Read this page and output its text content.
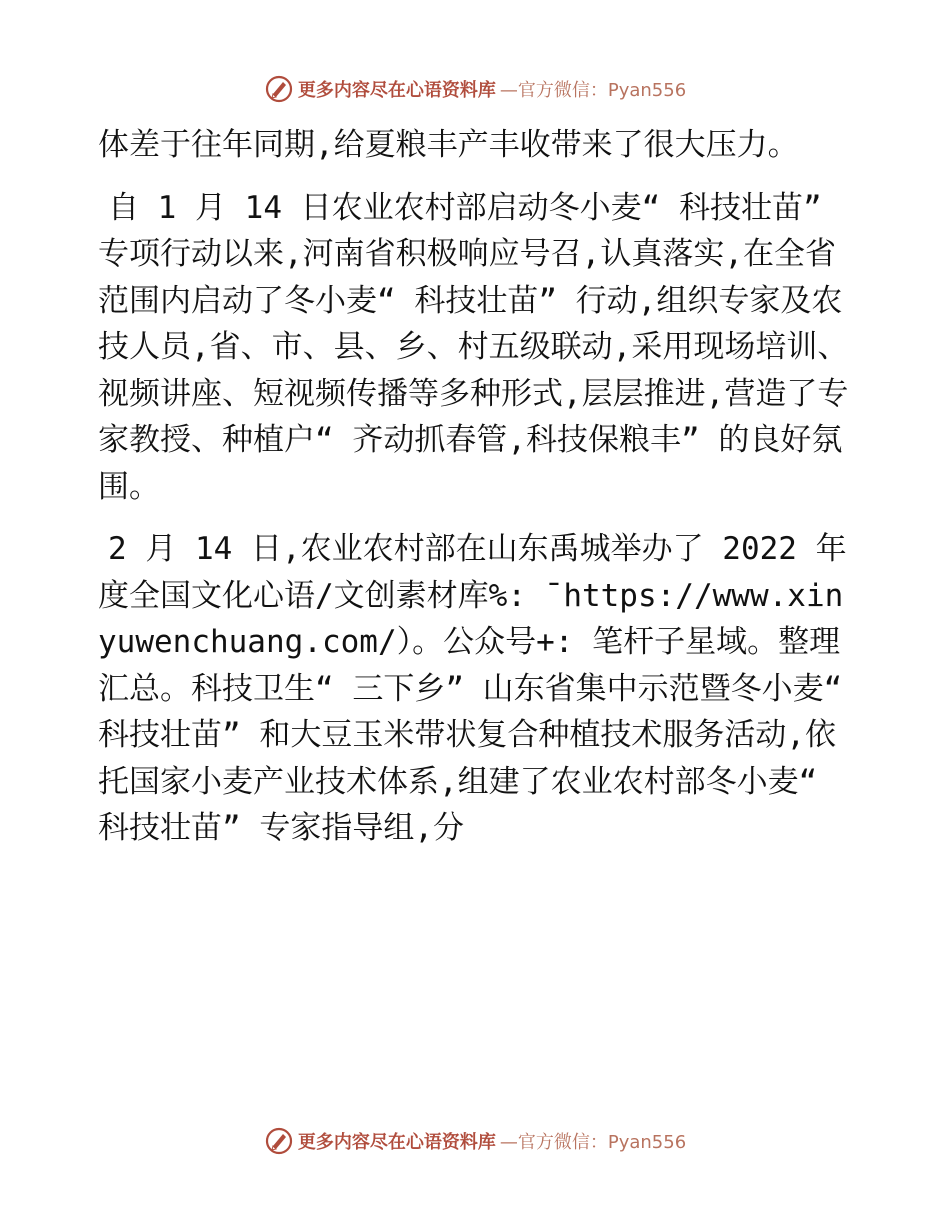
更多内容尽在心语资料库 —官方微信：Pyan556

体差于往年同期,给夏粮丰产丰收带来了很大压力。

自 1 月 14 日农业农村部启动冬小麦“ 科技壮苗” 专项行动以来,河南省积极响应号召,认真落实,在全省范围内启动了冬小麦“ 科技壮苗” 行动,组织专家及农技人员,省、市、县、乡、村五级联动,采用现场培训、视频讲座、短视频传播等多种形式,层层推进,营造了专家教授、种植户“ 齐动抓春管,科技保粮丰” 的良好氛围。

2 月 14 日,农业农村部在山东禹城举办了 2022 年度全国文化心语/文创素材库%: ¯https://www.xinyuwenchuang.com/）。公众号+: 笔杆子星域。整理汇总。科技卫生“ 三下乡” 山东省集中示范暨冬小麦“ 科技壮苗” 和大豆玉米带状复合种植技术服务活动,依托国家小麦产业技术体系,组建了农业农村部冬小麦“ 科技壮苗” 专家指导组,分

更多内容尽在心语资料库 —官方微信：Pyan556
